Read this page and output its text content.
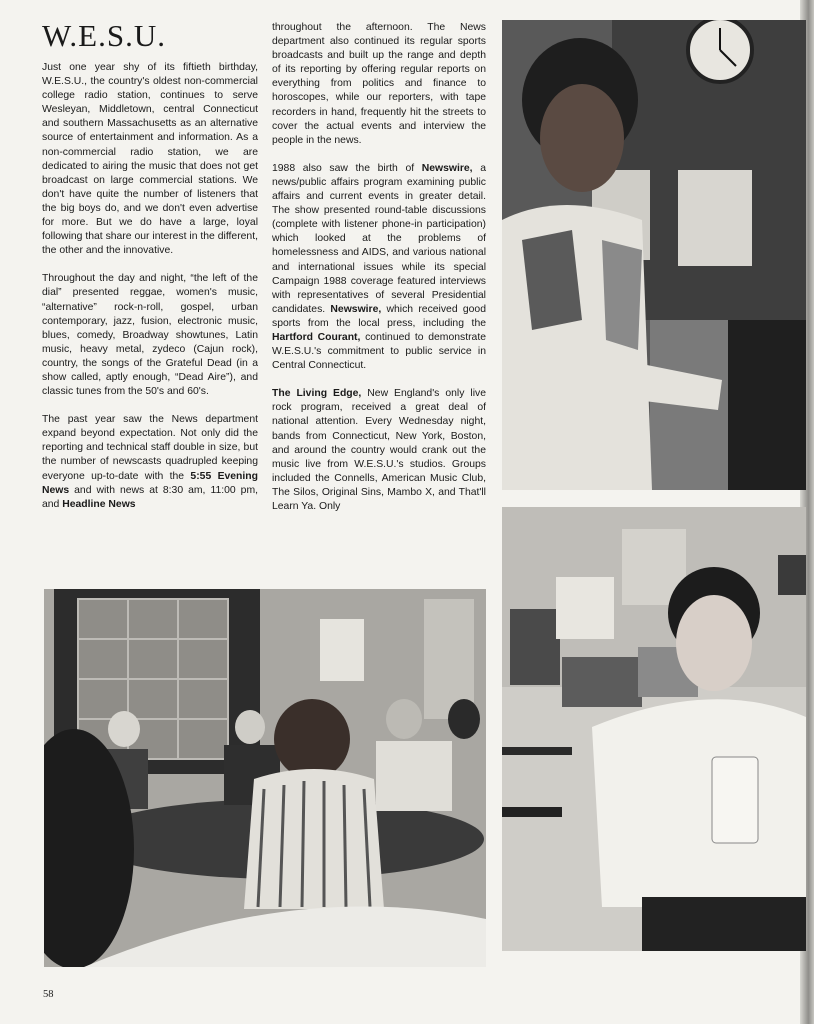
W.E.S.U.

Just one year shy of its fiftieth birthday, W.E.S.U., the country's oldest non-commercial college radio station, continues to serve Wesleyan, Middletown, central Connecticut and southern Massachusetts as an alternative source of entertainment and information. As a non-commercial radio station, we are dedicated to airing the music that does not get broadcast on large commercial stations. We don't have quite the number of listeners that the big boys do, and we don't even advertise for more. But we do have a large, loyal following that share our interest in the different, the other and the innovative.

Throughout the day and night, “the left of the dial” presented reggae, women's music, “alternative” rock-n-roll, gospel, urban contemporary, jazz, fusion, electronic music, blues, comedy, Broadway showtunes, Latin music, heavy metal, zydeco (Cajun rock), country, the songs of the Grateful Dead (in a show called, aptly enough, “Dead Aire”), and classic tunes from the 50's and 60's.

The past year saw the News department expand beyond expectation. Not only did the reporting and technical staff double in size, but the number of newscasts quadrupled keeping everyone up-to-date with the 5:55 Evening News and with news at 8:30 am, 11:00 pm, and Headline News

throughout the afternoon. The News department also continued its regular sports broadcasts and built up the range and depth of its reporting by offering regular reports on everything from politics and finance to horoscopes, while our reporters, with tape recorders in hand, frequently hit the streets to cover the actual events and interview the people in the news.

1988 also saw the birth of Newswire, a news/public affairs program examining public affairs and current events in greater detail. The show presented round-table discussions (complete with listener phone-in participation) which looked at the problems of homelessness and AIDS, and various national and international issues while its special Campaign 1988 coverage featured interviews with representatives of several Presidential candidates. Newswire, which received good sports from the local press, including the Hartford Courant, continued to demonstrate W.E.S.U.'s commitment to public service in Central Connecticut.

The Living Edge, New England's only live rock program, received a great deal of national attention. Every Wednesday night, bands from Connecticut, New York, Boston, and around the country would crank out the music live from W.E.S.U.'s studios. Groups included the Connells, American Music Club, The Silos, Original Sins, Mambo X, and That'll Learn Ya. Only

58
